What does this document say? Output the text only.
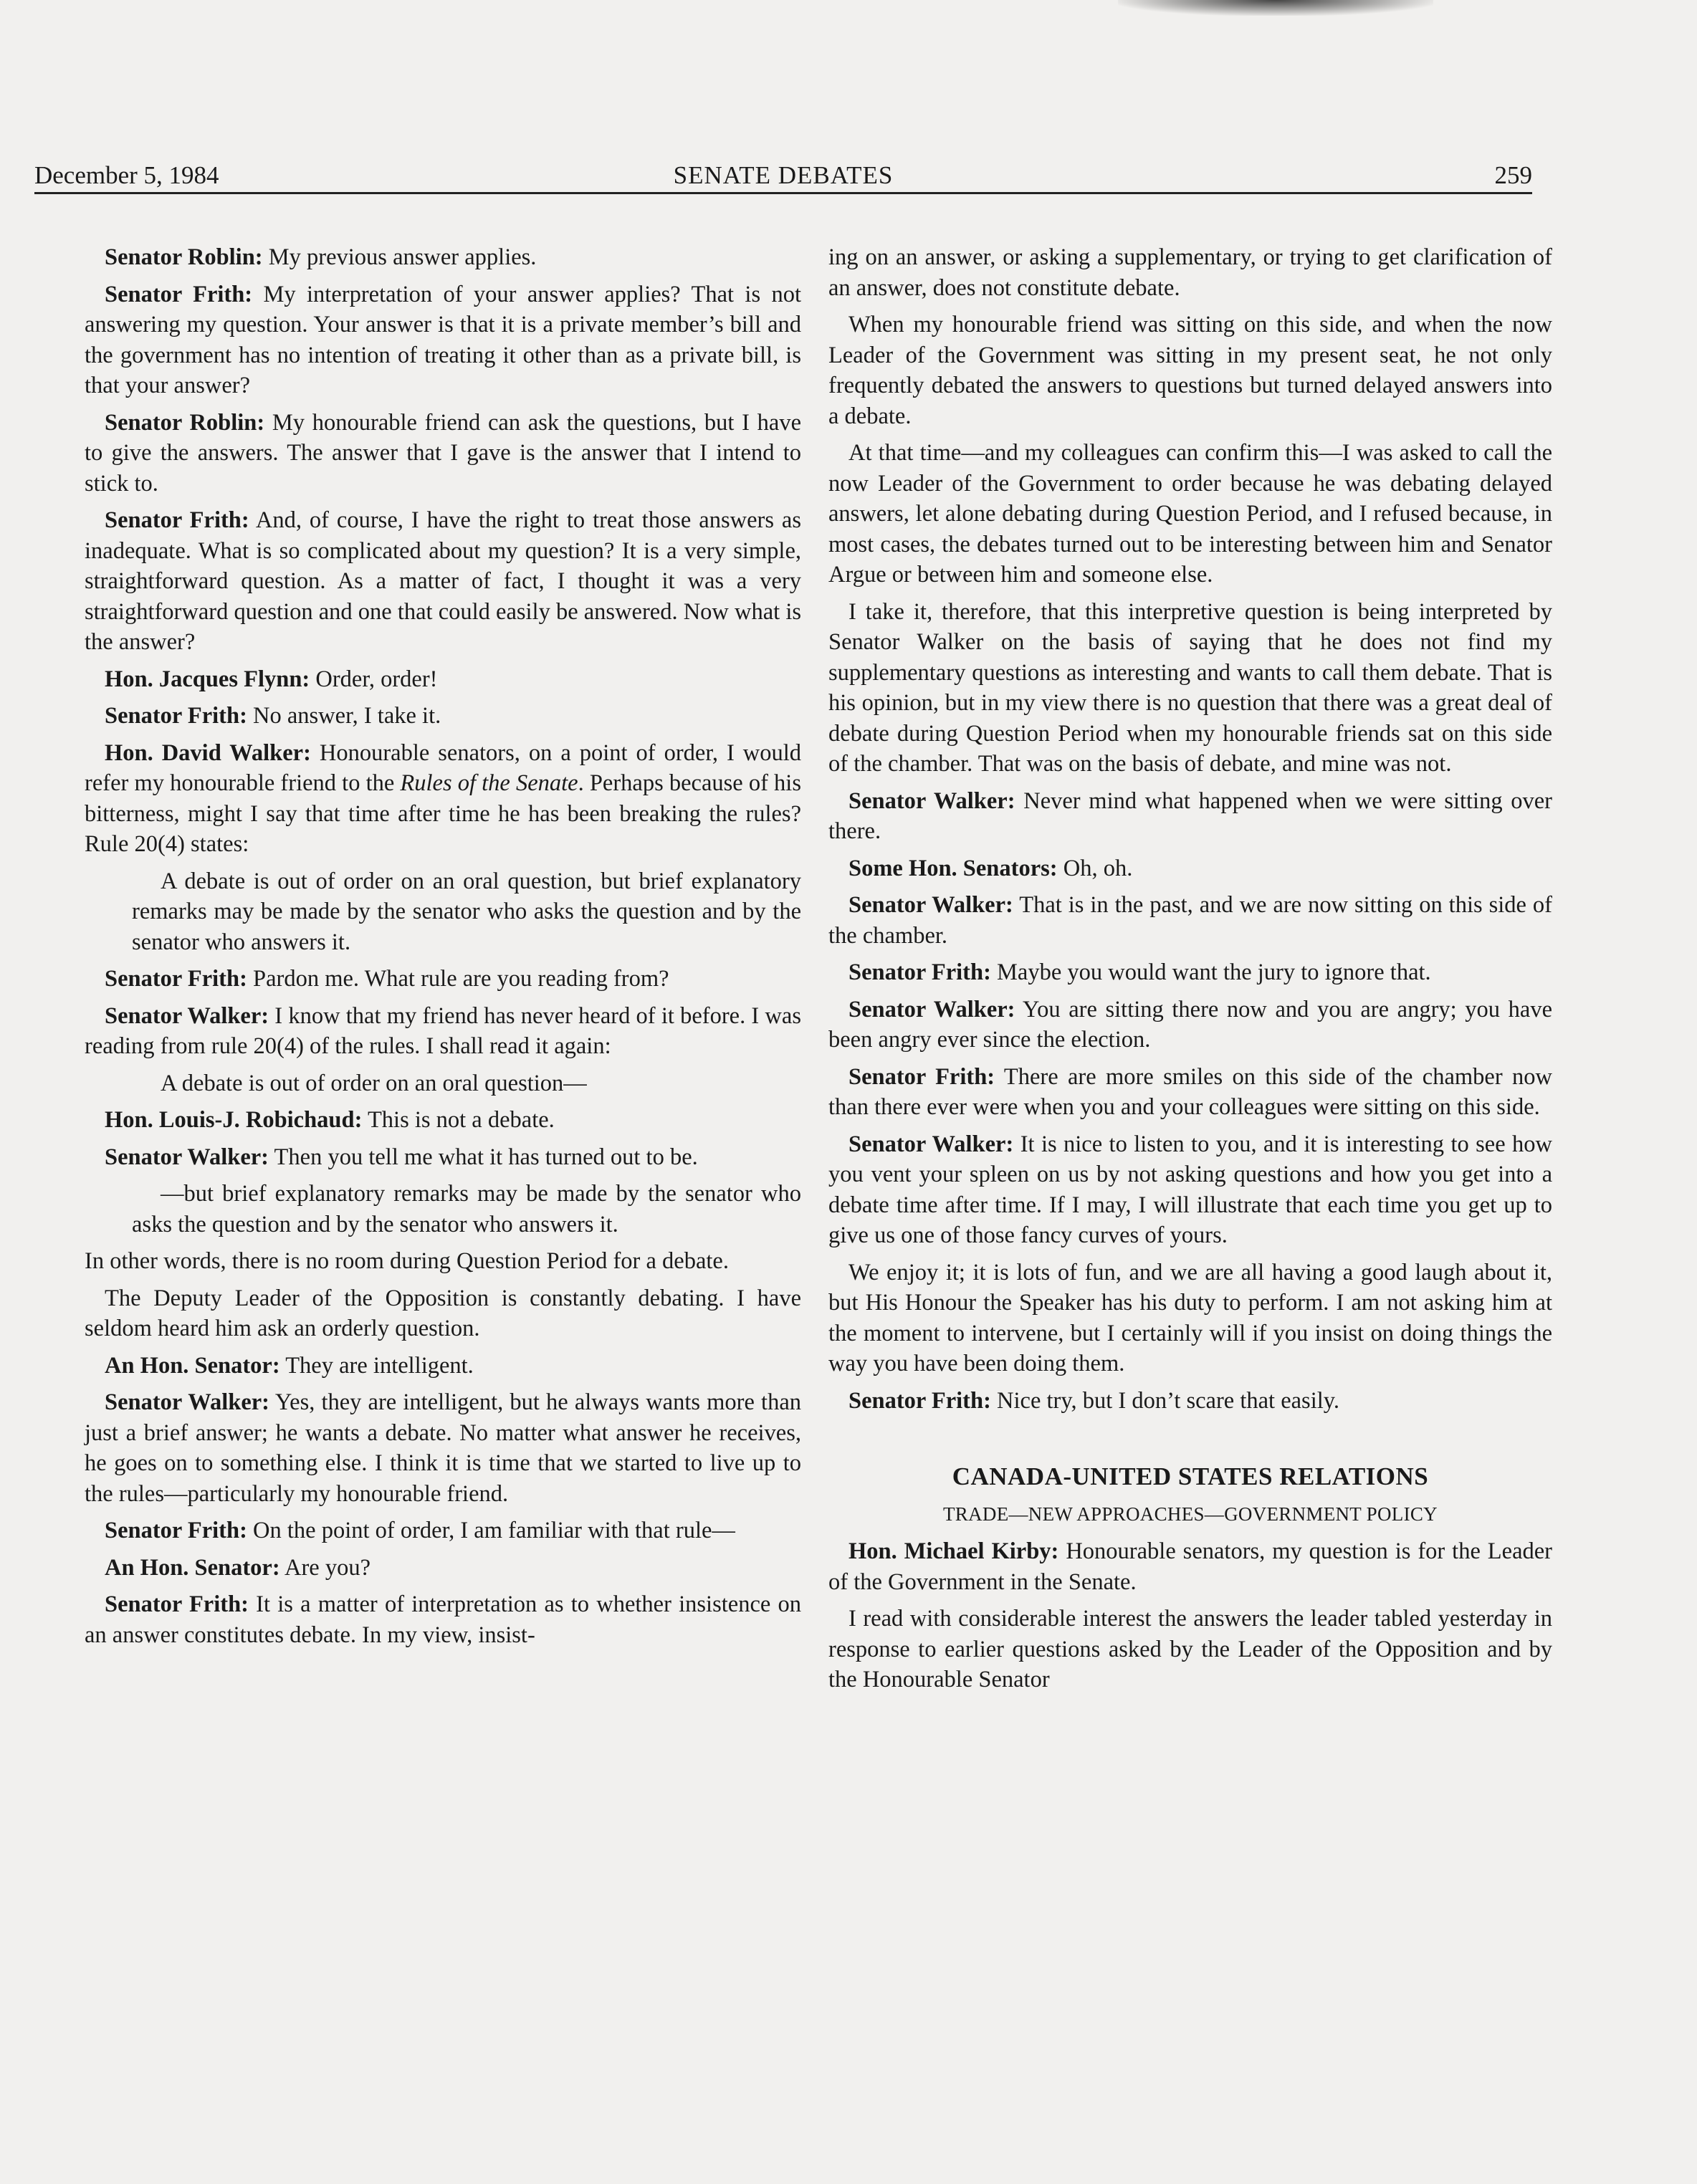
December 5, 1984	SENATE DEBATES	259

Senator Roblin: My previous answer applies.

Senator Frith: My interpretation of your answer applies? That is not answering my question. Your answer is that it is a private member’s bill and the government has no intention of treating it other than as a private bill, is that your answer?

Senator Roblin: My honourable friend can ask the questions, but I have to give the answers. The answer that I gave is the answer that I intend to stick to.

Senator Frith: And, of course, I have the right to treat those answers as inadequate. What is so complicated about my question? It is a very simple, straightforward question. As a matter of fact, I thought it was a very straightforward question and one that could easily be answered. Now what is the answer?

Hon. Jacques Flynn: Order, order!

Senator Frith: No answer, I take it.

Hon. David Walker: Honourable senators, on a point of order, I would refer my honourable friend to the Rules of the Senate. Perhaps because of his bitterness, might I say that time after time he has been breaking the rules? Rule 20(4) states:

A debate is out of order on an oral question, but brief explanatory remarks may be made by the senator who asks the question and by the senator who answers it.

Senator Frith: Pardon me. What rule are you reading from?

Senator Walker: I know that my friend has never heard of it before. I was reading from rule 20(4) of the rules. I shall read it again:

A debate is out of order on an oral question—

Hon. Louis-J. Robichaud: This is not a debate.

Senator Walker: Then you tell me what it has turned out to be.

—but brief explanatory remarks may be made by the senator who asks the question and by the senator who answers it.

In other words, there is no room during Question Period for a debate.

The Deputy Leader of the Opposition is constantly debating. I have seldom heard him ask an orderly question.

An Hon. Senator: They are intelligent.

Senator Walker: Yes, they are intelligent, but he always wants more than just a brief answer; he wants a debate. No matter what answer he receives, he goes on to something else. I think it is time that we started to live up to the rules—particularly my honourable friend.

Senator Frith: On the point of order, I am familiar with that rule—

An Hon. Senator: Are you?

Senator Frith: It is a matter of interpretation as to whether insistence on an answer constitutes debate. In my view, insist-

ing on an answer, or asking a supplementary, or trying to get clarification of an answer, does not constitute debate.

When my honourable friend was sitting on this side, and when the now Leader of the Government was sitting in my present seat, he not only frequently debated the answers to questions but turned delayed answers into a debate.

At that time—and my colleagues can confirm this—I was asked to call the now Leader of the Government to order because he was debating delayed answers, let alone debating during Question Period, and I refused because, in most cases, the debates turned out to be interesting between him and Senator Argue or between him and someone else.

I take it, therefore, that this interpretive question is being interpreted by Senator Walker on the basis of saying that he does not find my supplementary questions as interesting and wants to call them debate. That is his opinion, but in my view there is no question that there was a great deal of debate during Question Period when my honourable friends sat on this side of the chamber. That was on the basis of debate, and mine was not.

Senator Walker: Never mind what happened when we were sitting over there.

Some Hon. Senators: Oh, oh.

Senator Walker: That is in the past, and we are now sitting on this side of the chamber.

Senator Frith: Maybe you would want the jury to ignore that.

Senator Walker: You are sitting there now and you are angry; you have been angry ever since the election.

Senator Frith: There are more smiles on this side of the chamber now than there ever were when you and your colleagues were sitting on this side.

Senator Walker: It is nice to listen to you, and it is interesting to see how you vent your spleen on us by not asking questions and how you get into a debate time after time. If I may, I will illustrate that each time you get up to give us one of those fancy curves of yours.

We enjoy it; it is lots of fun, and we are all having a good laugh about it, but His Honour the Speaker has his duty to perform. I am not asking him at the moment to intervene, but I certainly will if you insist on doing things the way you have been doing them.

Senator Frith: Nice try, but I don’t scare that easily.

CANADA-UNITED STATES RELATIONS
TRADE—NEW APPROACHES—GOVERNMENT POLICY

Hon. Michael Kirby: Honourable senators, my question is for the Leader of the Government in the Senate.

I read with considerable interest the answers the leader tabled yesterday in response to earlier questions asked by the Leader of the Opposition and by the Honourable Senator
